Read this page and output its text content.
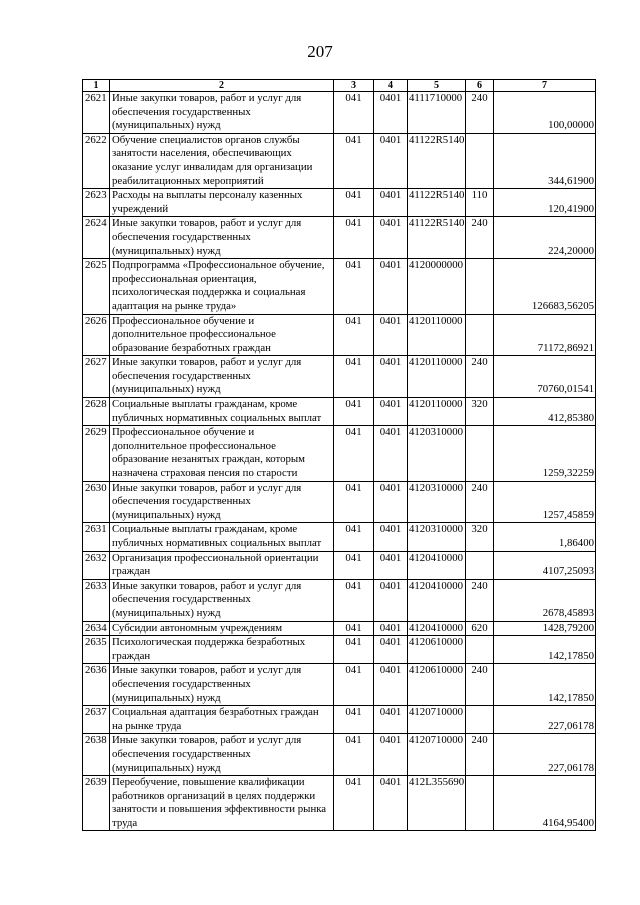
207
1	2	3	4	5	6	7
2621	Иные закупки товаров, работ и услуг для обеспечения государственных (муниципальных) нужд	041	0401	4111710000	240	100,00000
2622	Обучение специалистов органов службы занятости населения, обеспечивающих оказание услуг инвалидам для организации реабилитационных мероприятий	041	0401	41122R5140		344,61900
2623	Расходы на выплаты персоналу казенных учреждений	041	0401	41122R5140	110	120,41900
2624	Иные закупки товаров, работ и услуг для обеспечения государственных (муниципальных) нужд	041	0401	41122R5140	240	224,20000
2625	Подпрограмма «Профессиональное обучение, профессиональная ориентация, психологическая поддержка и социальная адаптация на рынке труда»	041	0401	4120000000		126683,56205
2626	Профессиональное обучение и дополнительное профессиональное образование безработных граждан	041	0401	4120110000		71172,86921
2627	Иные закупки товаров, работ и услуг для обеспечения государственных (муниципальных) нужд	041	0401	4120110000	240	70760,01541
2628	Социальные выплаты гражданам, кроме публичных нормативных социальных выплат	041	0401	4120110000	320	412,85380
2629	Профессиональное обучение и дополнительное профессиональное образование незанятых граждан, которым назначена страховая пенсия по старости	041	0401	4120310000		1259,32259
2630	Иные закупки товаров, работ и услуг для обеспечения государственных (муниципальных) нужд	041	0401	4120310000	240	1257,45859
2631	Социальные выплаты гражданам, кроме публичных нормативных социальных выплат	041	0401	4120310000	320	1,86400
2632	Организация профессиональной ориентации граждан	041	0401	4120410000		4107,25093
2633	Иные закупки товаров, работ и услуг для обеспечения государственных (муниципальных) нужд	041	0401	4120410000	240	2678,45893
2634	Субсидии автономным учреждениям	041	0401	4120410000	620	1428,79200
2635	Психологическая поддержка безработных граждан	041	0401	4120610000		142,17850
2636	Иные закупки товаров, работ и услуг для обеспечения государственных (муниципальных) нужд	041	0401	4120610000	240	142,17850
2637	Социальная адаптация безработных граждан на рынке труда	041	0401	4120710000		227,06178
2638	Иные закупки товаров, работ и услуг для обеспечения государственных (муниципальных) нужд	041	0401	4120710000	240	227,06178
2639	Переобучение, повышение квалификации работников организаций в целях поддержки занятости и повышения эффективности рынка труда	041	0401	412L355690		4164,95400
